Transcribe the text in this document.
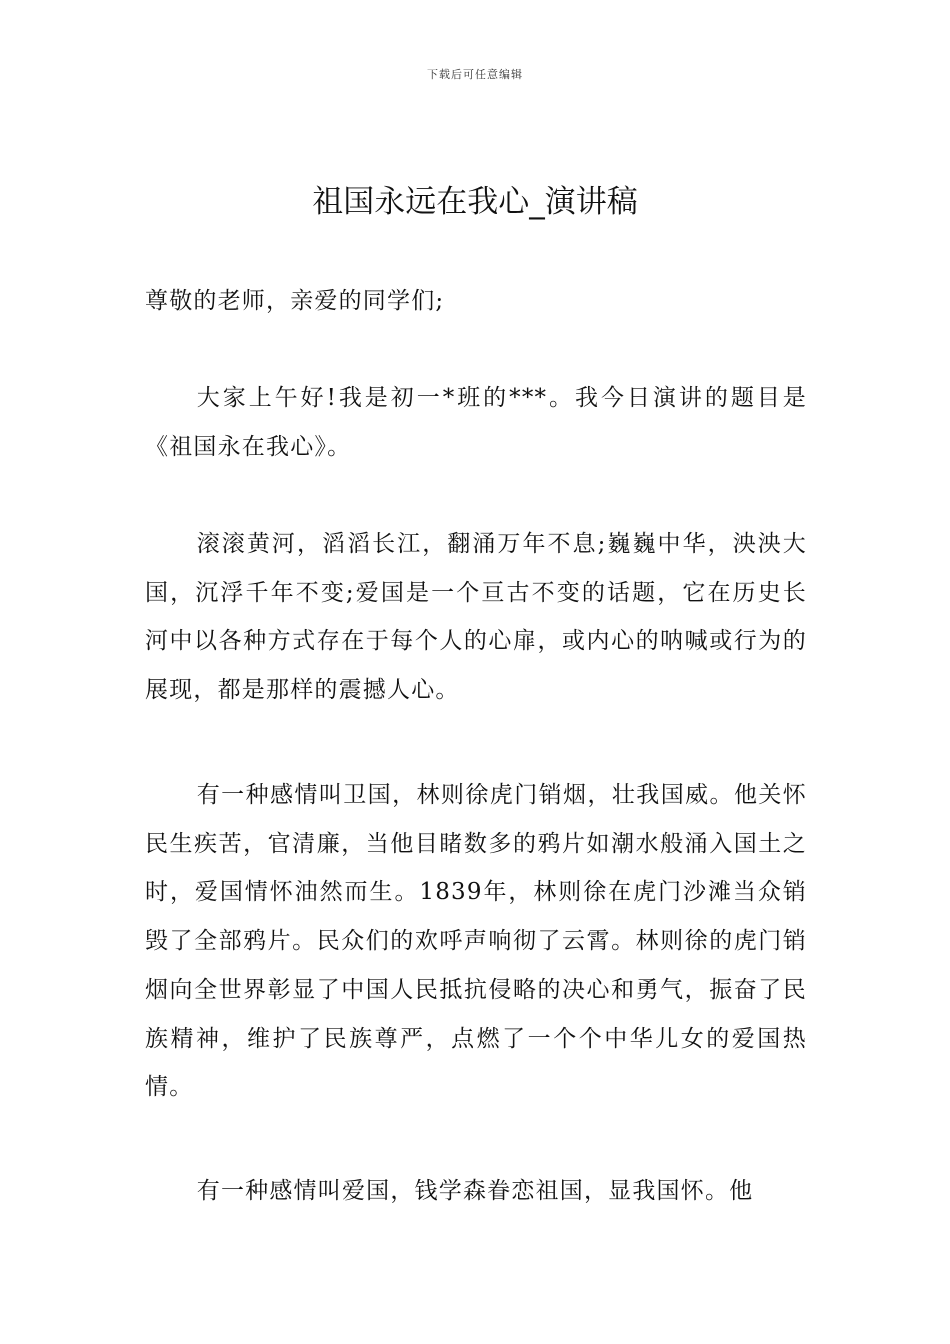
下载后可任意编辑
祖国永远在我心_演讲稿

尊敬的老师，亲爱的同学们;

大家上午好!我是初一*班的***。我今日演讲的题目是《祖国永在我心》。

滚滚黄河，滔滔长江，翻涌万年不息;巍巍中华，泱泱大国，沉浮千年不变;爱国是一个亘古不变的话题，它在历史长河中以各种方式存在于每个人的心扉，或内心的呐喊或行为的展现，都是那样的震撼人心。

有一种感情叫卫国，林则徐虎门销烟，壮我国威。他关怀民生疾苦，官清廉，当他目睹数多的鸦片如潮水般涌入国土之时，爱国情怀油然而生。1839年，林则徐在虎门沙滩当众销毁了全部鸦片。民众们的欢呼声响彻了云霄。林则徐的虎门销烟向全世界彰显了中国人民抵抗侵略的决心和勇气，振奋了民族精神，维护了民族尊严，点燃了一个个中华儿女的爱国热情。

有一种感情叫爱国，钱学森眷恋祖国，显我国怀。他
